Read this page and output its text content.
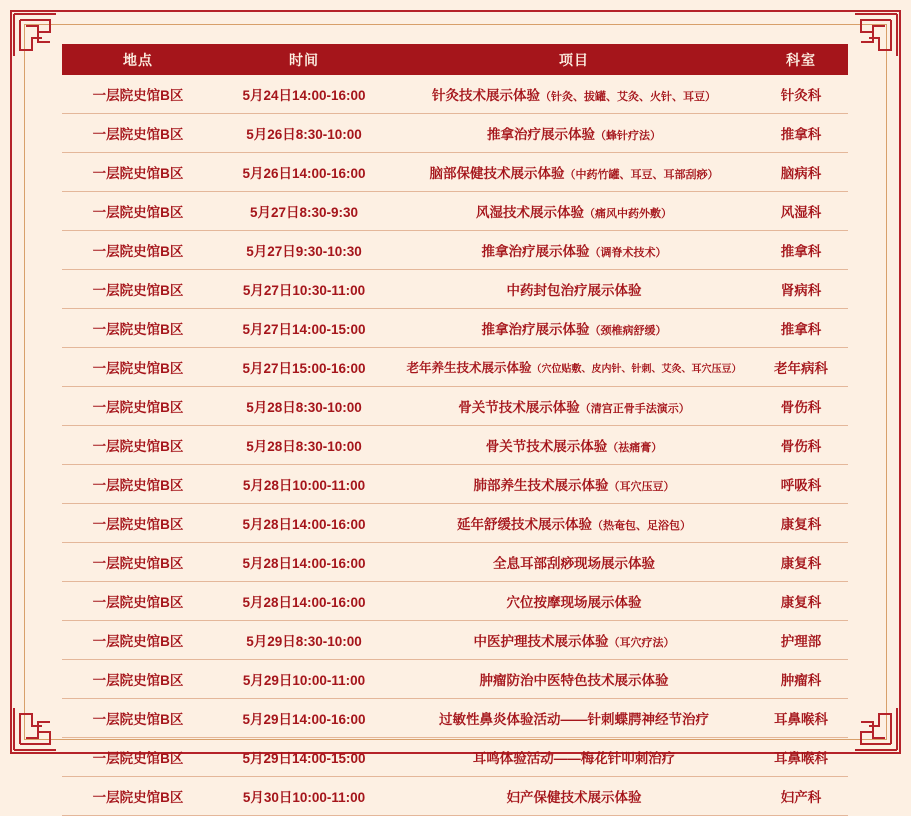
地点	时间	项目	科室
一层院史馆B区	5月24日14:00-16:00	针灸技术展示体验（针灸、拔罐、艾灸、火针、耳豆）	针灸科
一层院史馆B区	5月26日8:30-10:00	推拿治疗展示体验（蜂针疗法）	推拿科
一层院史馆B区	5月26日14:00-16:00	脑部保健技术展示体验（中药竹罐、耳豆、耳部刮痧）	脑病科
一层院史馆B区	5月27日8:30-9:30	风湿技术展示体验（痛风中药外敷）	风湿科
一层院史馆B区	5月27日9:30-10:30	推拿治疗展示体验（调脊术技术）	推拿科
一层院史馆B区	5月27日10:30-11:00	中药封包治疗展示体验	肾病科
一层院史馆B区	5月27日14:00-15:00	推拿治疗展示体验（颈椎病舒缓）	推拿科
一层院史馆B区	5月27日15:00-16:00	老年养生技术展示体验（穴位贴敷、皮内针、针刺、艾灸、耳穴压豆）	老年病科
一层院史馆B区	5月28日8:30-10:00	骨关节技术展示体验（清宫正骨手法演示）	骨伤科
一层院史馆B区	5月28日8:30-10:00	骨关节技术展示体验（祛痛膏）	骨伤科
一层院史馆B区	5月28日10:00-11:00	肺部养生技术展示体验（耳穴压豆）	呼吸科
一层院史馆B区	5月28日14:00-16:00	延年舒缓技术展示体验（热奄包、足浴包）	康复科
一层院史馆B区	5月28日14:00-16:00	全息耳部刮痧现场展示体验	康复科
一层院史馆B区	5月28日14:00-16:00	穴位按摩现场展示体验	康复科
一层院史馆B区	5月29日8:30-10:00	中医护理技术展示体验（耳穴疗法）	护理部
一层院史馆B区	5月29日10:00-11:00	肿瘤防治中医特色技术展示体验	肿瘤科
一层院史馆B区	5月29日14:00-16:00	过敏性鼻炎体验活动——针刺蝶腭神经节治疗	耳鼻喉科
一层院史馆B区	5月29日14:00-15:00	耳鸣体验活动——梅花针叩刺治疗	耳鼻喉科
一层院史馆B区	5月30日10:00-11:00	妇产保健技术展示体验	妇产科
